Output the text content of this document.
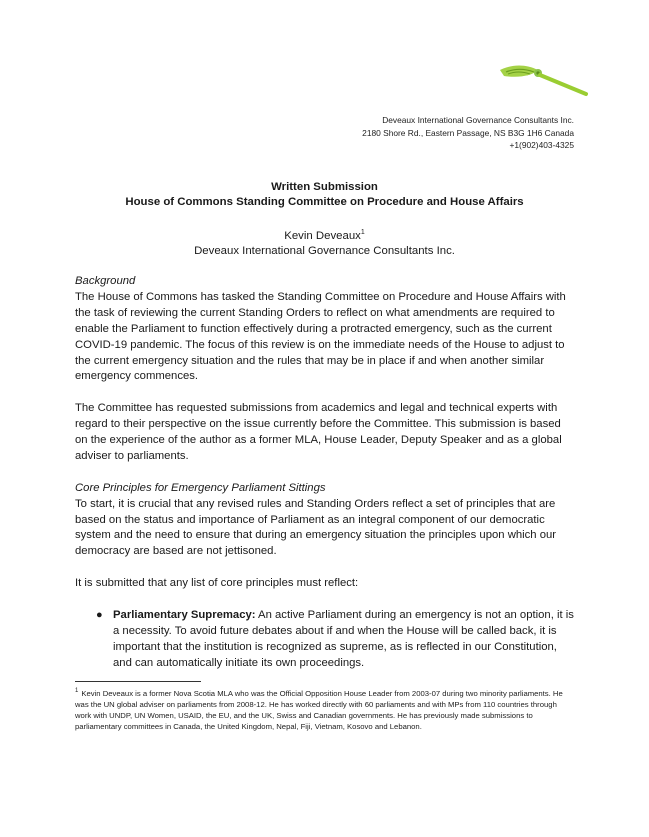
Deveaux International Governance Consultants Inc.
2180 Shore Rd., Eastern Passage, NS B3G 1H6 Canada
+1(902)403-4325

Written Submission

House of Commons Standing Committee on Procedure and House Affairs

Kevin Deveaux$^1$
Deveaux International Governance Consultants Inc.

Background

The House of Commons has tasked the Standing Committee on Procedure and House Affairs with the task of reviewing the current Standing Orders to reflect on what amendments are required to enable the Parliament to function effectively during a protracted emergency, such as the current COVID-19 pandemic. The focus of this review is on the immediate needs of the House to adjust to the current emergency situation and the rules that may be in place if and when another similar emergency commences.

The Committee has requested submissions from academics and legal and technical experts with regard to their perspective on the issue currently before the Committee. This submission is based on the experience of the author as a former MLA, House Leader, Deputy Speaker and as a global adviser to parliaments.

Core Principles for Emergency Parliament Sittings

To start, it is crucial that any revised rules and Standing Orders reflect a set of principles that are based on the status and importance of Parliament as an integral component of our democratic system and the need to ensure that during an emergency situation the principles upon which our democracy are based are not jettisoned.

It is submitted that any list of core principles must reflect:

● Parliamentary Supremacy: An active Parliament during an emergency is not an option, it is a necessity. To avoid future debates about if and when the House will be called back, it is important that the institution is recognized as supreme, as is reflected in our Constitution, and can automatically initiate its own proceedings.
$^1$ Kevin Deveaux is a former Nova Scotia MLA who was the Official Opposition House Leader from 2003-07 during two minority parliaments. He was the UN global adviser on parliaments from 2008-12. He has worked directly with 60 parliaments and with MPs from 110 countries through work with UNDP, UN Women, USAID, the EU, and the UK, Swiss and Canadian governments. He has previously made submissions to parliamentary committees in Canada, the United Kingdom, Nepal, Fiji, Vietnam, Kosovo and Lebanon.
